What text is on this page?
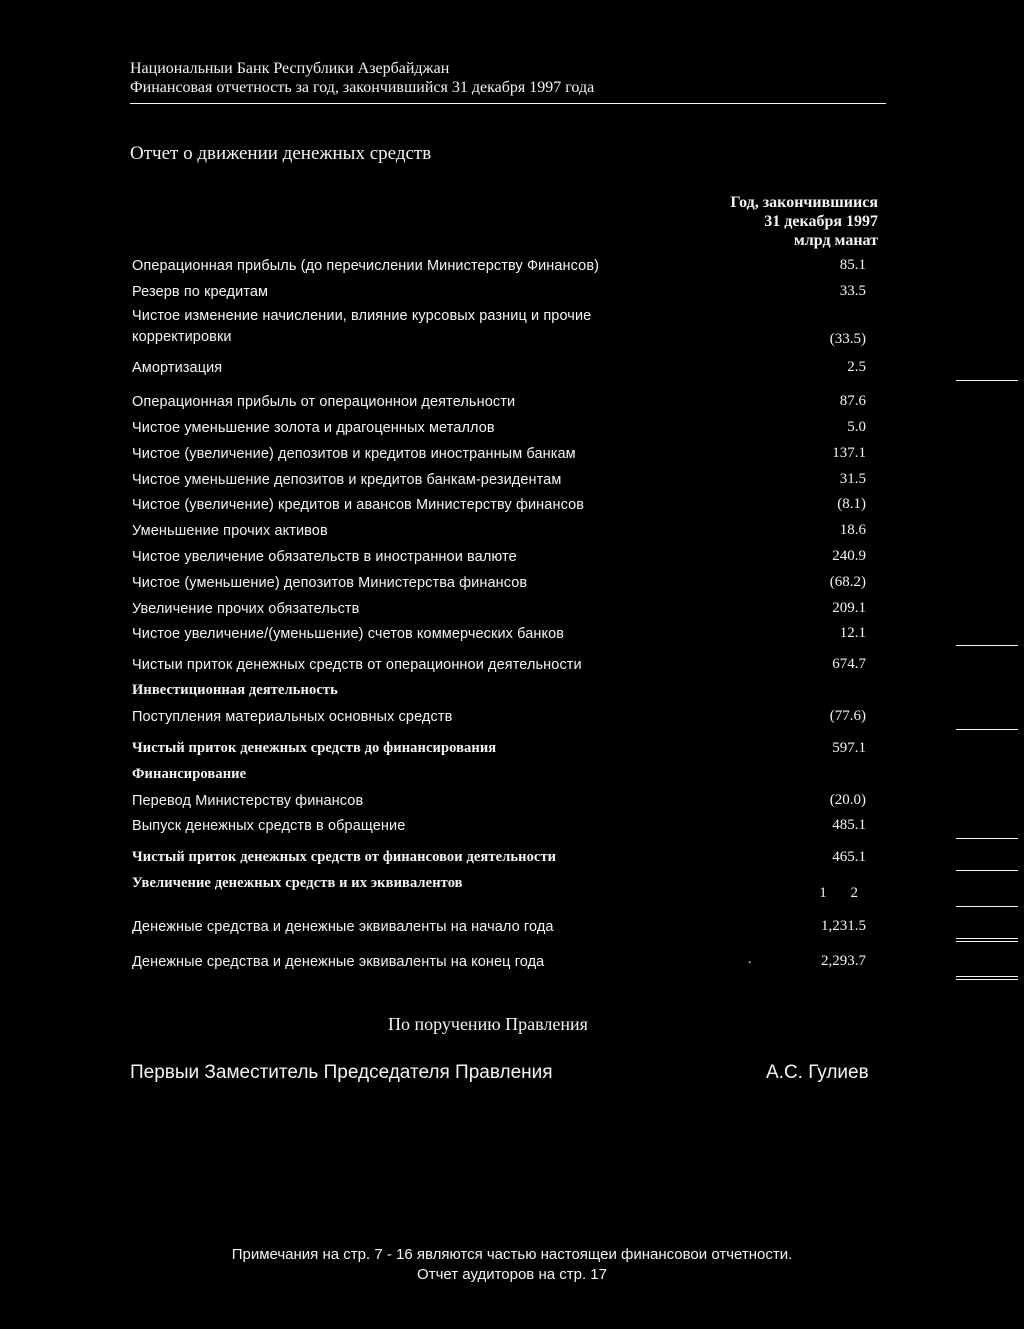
Национальныи Банк Республики Азербайджан
Финансовая отчетность за год, закончившийся 31 декабря 1997 года
Отчет о движении денежных средств
Год, закончившиися
31 декабря 1997
млрд манат
Операционная прибыль (до перечислении Министерству Финансов)	85.1
Резерв по кредитам	33.5
Чистое изменение начислении, влияние курсовых разниц и прочие корректировки	(33.5)
Амортизация	2.5
Операционная прибыль от операционнои деятельности	87.6
Чистое уменьшение золота и драгоценных металлов	5.0
Чистое (увеличение) депозитов и кредитов иностранным банкам	137.1
Чистое уменьшение депозитов и кредитов банкам-резидентам	31.5
Чистое (увеличение) кредитов и авансов Министерству финансов	(8.1)
Уменьшение прочих активов	18.6
Чистое увеличение обязательств в иностраннои валюте	240.9
Чистое (уменьшение) депозитов Министерства финансов	(68.2)
Увеличение прочих обязательств	209.1
Чистое увеличение/(уменьшение) счетов коммерческих банков	12.1
Чистыи приток денежных средств от операционнои деятельности	674.7
Инвестиционная деятельность
Поступления материальных основных средств	(77.6)
Чистый приток денежных средств до финансирования	597.1
Финансирование
Перевод Министерству финансов	(20.0)
Выпуск денежных средств в обращение	485.1
Чистый приток денежных средств от финансовои деятельности	465.1
Увеличение денежных средств и их эквивалентов
1 2
Денежные средства и денежные эквиваленты на начало года	1,231.5
Денежные средства и денежные эквиваленты на конец года	2,293.7
.
По поручению Правления
Первыи Заместитель Председателя Правления	А.С. Гулиев
Примечания на стр. 7 - 16 являются частью настоящеи финансовои отчетности.
Отчет аудиторов на стр. 17
